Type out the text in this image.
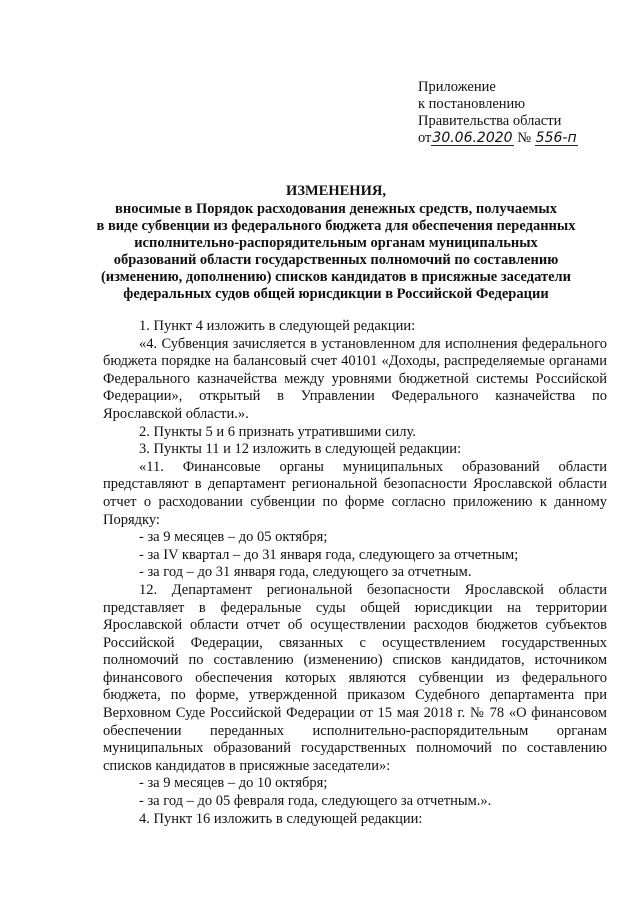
Приложение
к постановлению
Правительства области
от30.06.2020 № 556-п
ИЗМЕНЕНИЯ,
вносимые в Порядок расходования денежных средств, получаемых
в виде субвенции из федерального бюджета для обеспечения переданных
исполнительно-распорядительным органам муниципальных
образований области государственных полномочий по составлению
(изменению, дополнению) списков кандидатов в присяжные заседатели
федеральных судов общей юрисдикции в Российской Федерации

1. Пункт 4 изложить в следующей редакции:

«4. Субвенция зачисляется в установленном для исполнения федерального бюджета порядке на балансовый счет 40101 «Доходы, распределяемые органами Федерального казначейства между уровнями бюджетной системы Российской Федерации», открытый в Управлении Федерального казначейства по Ярославской области.».

2. Пункты 5 и 6 признать утратившими силу.

3. Пункты 11 и 12 изложить в следующей редакции:

«11. Финансовые органы муниципальных образований области представляют в департамент региональной безопасности Ярославской области отчет о расходовании субвенции по форме согласно приложению к данному Порядку:

- за 9 месяцев – до 05 октября;

- за IV квартал – до 31 января года, следующего за отчетным;

- за год – до 31 января года, следующего за отчетным.

12. Департамент региональной безопасности Ярославской области представляет в федеральные суды общей юрисдикции на территории Ярославской области отчет об осуществлении расходов бюджетов субъектов Российской Федерации, связанных с осуществлением государственных полномочий по составлению (изменению) списков кандидатов, источником финансового обеспечения которых являются субвенции из федерального бюджета, по форме, утвержденной приказом Судебного департамента при Верховном Суде Российской Федерации от 15 мая 2018 г. № 78 «О финансовом обеспечении переданных исполнительно-распорядительным органам муниципальных образований государственных полномочий по составлению списков кандидатов в присяжные заседатели»:

- за 9 месяцев – до 10 октября;

- за год – до 05 февраля года, следующего за отчетным.».

4. Пункт 16 изложить в следующей редакции:
